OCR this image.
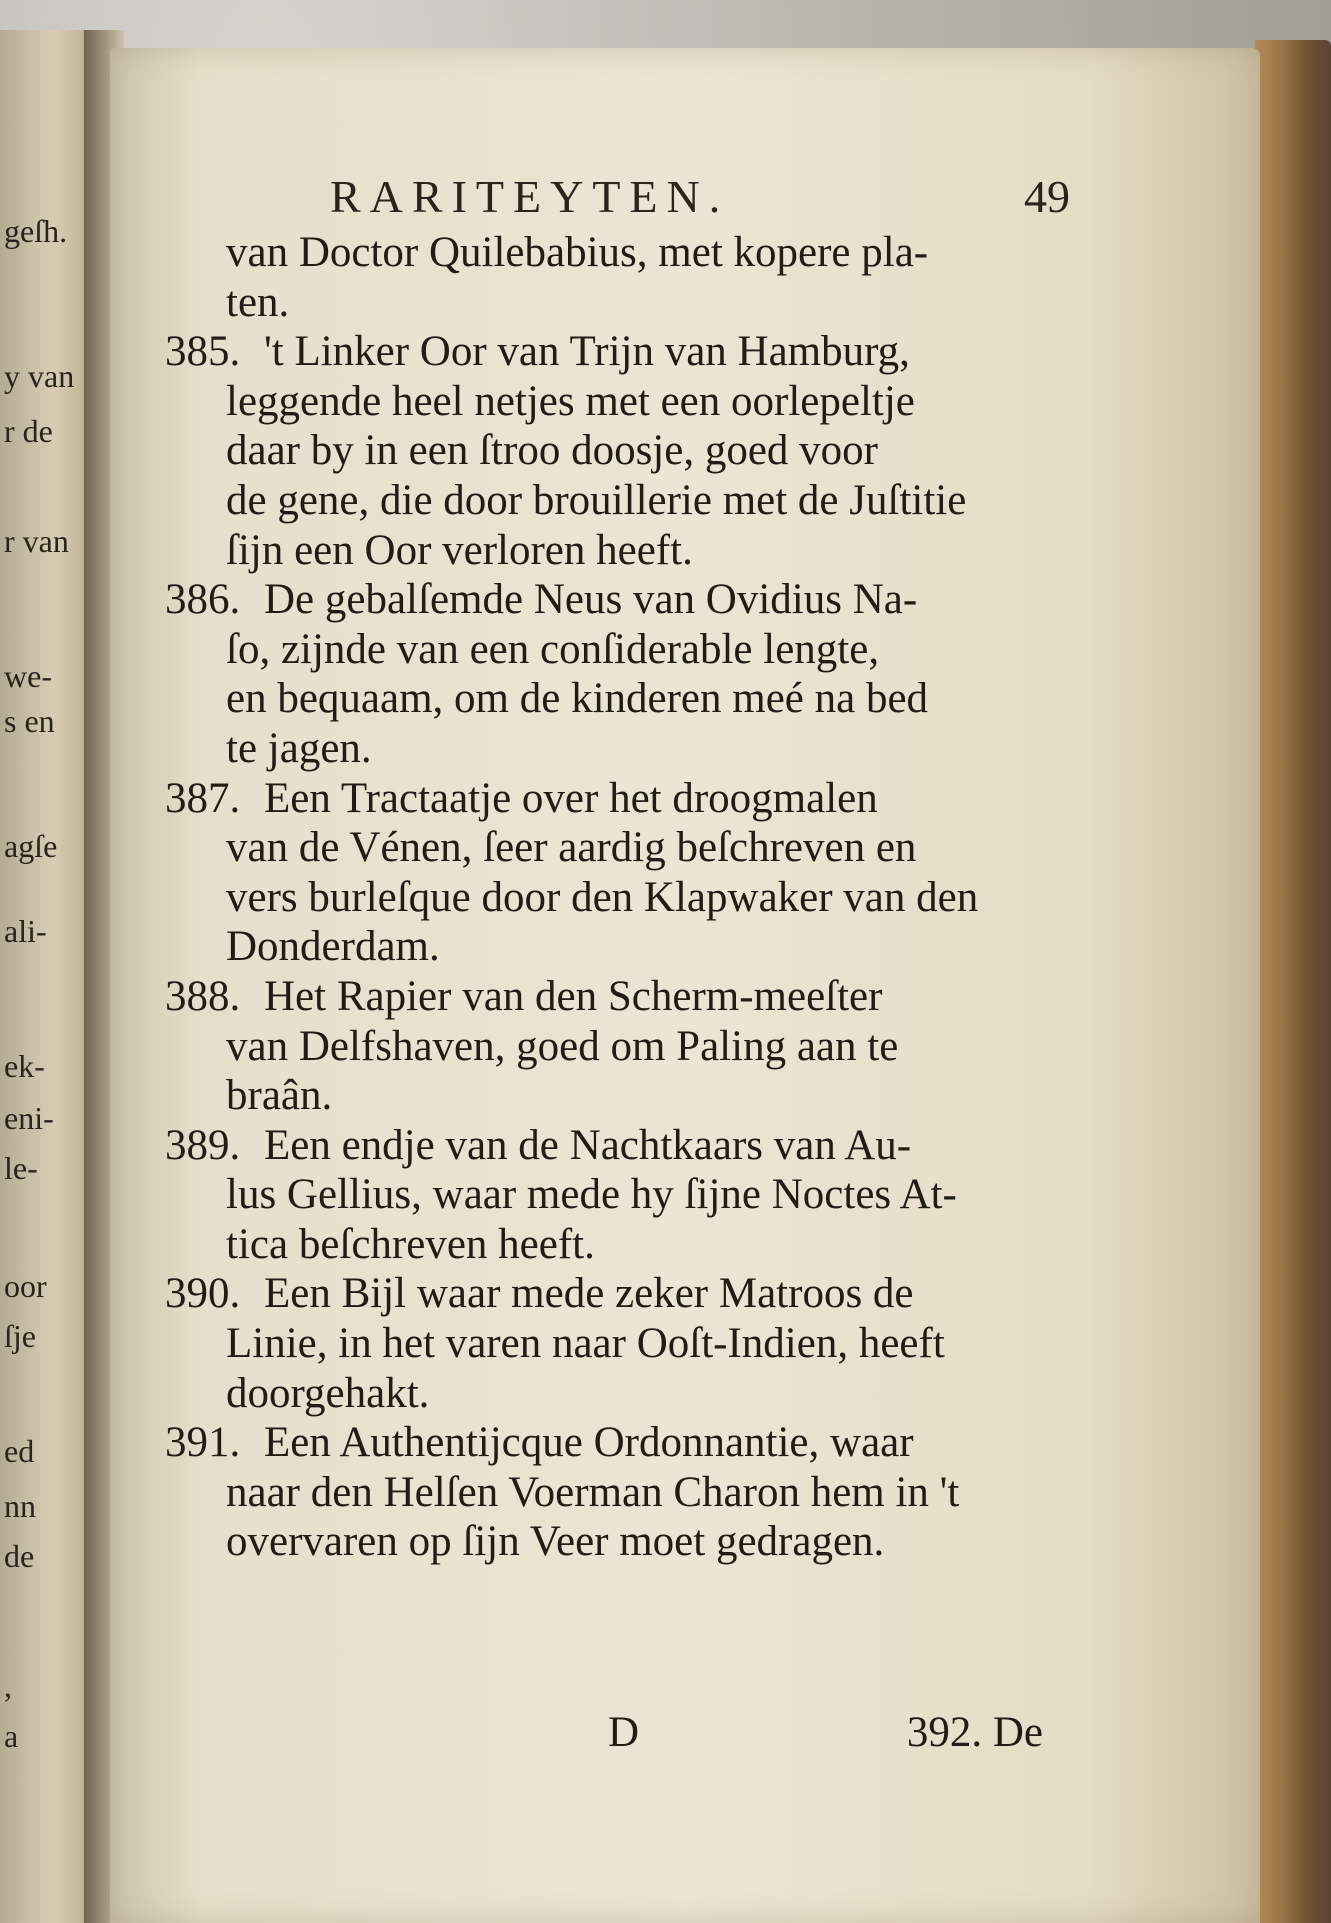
geſh.
y van
r de
r van
we-
s en
agſe
ali-
ek-
eni-
le-
oor
ſje
ed
nn
de
,
a
RARITEYTEN.	49
van Doctor Quilebabius, met kopere pla-
ten.
385. 't Linker Oor van Trijn van Hamburg,
leggende heel netjes met een oorlepeltje
daar by in een ſtroo doosje, goed voor
de gene, die door brouillerie met de Juſtitie
ſijn een Oor verloren heeft.
386. De gebalſemde Neus van Ovidius Na-
ſo, zijnde van een conſiderable lengte,
en bequaam, om de kinderen meé na bed
te jagen.
387. Een Tractaatje over het droogmalen
van de Vénen, ſeer aardig beſchreven en
vers burleſque door den Klapwaker van den
Donderdam.
388. Het Rapier van den Scherm-meeſter
van Delfshaven, goed om Paling aan te
braân.
389. Een endje van de Nachtkaars van Au-
lus Gellius, waar mede hy ſijne Noctes At-
tica beſchreven heeft.
390. Een Bijl waar mede zeker Matroos de
Linie, in het varen naar Ooſt-Indien, heeft
doorgehakt.
391. Een Authentijcque Ordonnantie, waar
naar den Helſen Voerman Charon hem in 't
overvaren op ſijn Veer moet gedragen.
D	392. De
